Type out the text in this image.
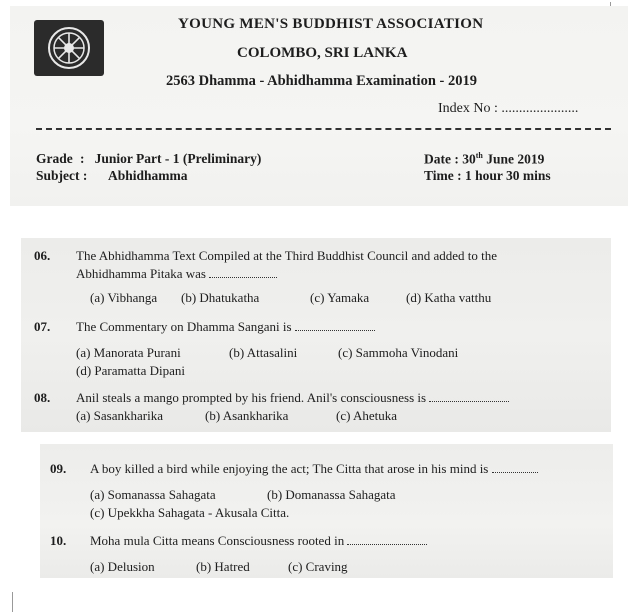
YOUNG MEN'S BUDDHIST ASSOCIATION
COLOMBO, SRI LANKA
2563 Dhamma - Abhidhamma Examination - 2019
Index No : ......................
Grade :   Junior Part - 1 (Preliminary)
Subject : Abhidhamma
Date : 30th June 2019
Time : 1 hour 30 mins
06. The Abhidhamma Text Compiled at the Third Buddhist Council and added to the
Abhidhamma Pitaka was
(a) Vibhanga (b) Dhatukatha	(c) Yamaka	(d) Katha vatthu
07. The Commentary on Dhamma Sangani is
(a) Manorata Purani	(b) Attasalini	(c) Sammoha Vinodani
(d) Paramatta Dipani
08. Anil steals a mango prompted by his friend. Anil's consciousness is
(a) Sasankharika	(b) Asankharika	(c) Ahetuka
09. A boy killed a bird while enjoying the act; The Citta that arose in his mind is
(a) Somanassa Sahagata	(b) Domanassa Sahagata
(c) Upekkha Sahagata - Akusala Citta.
10. Moha mula Citta means Consciousness rooted in
(a) Delusion	(b) Hatred	(c) Craving
